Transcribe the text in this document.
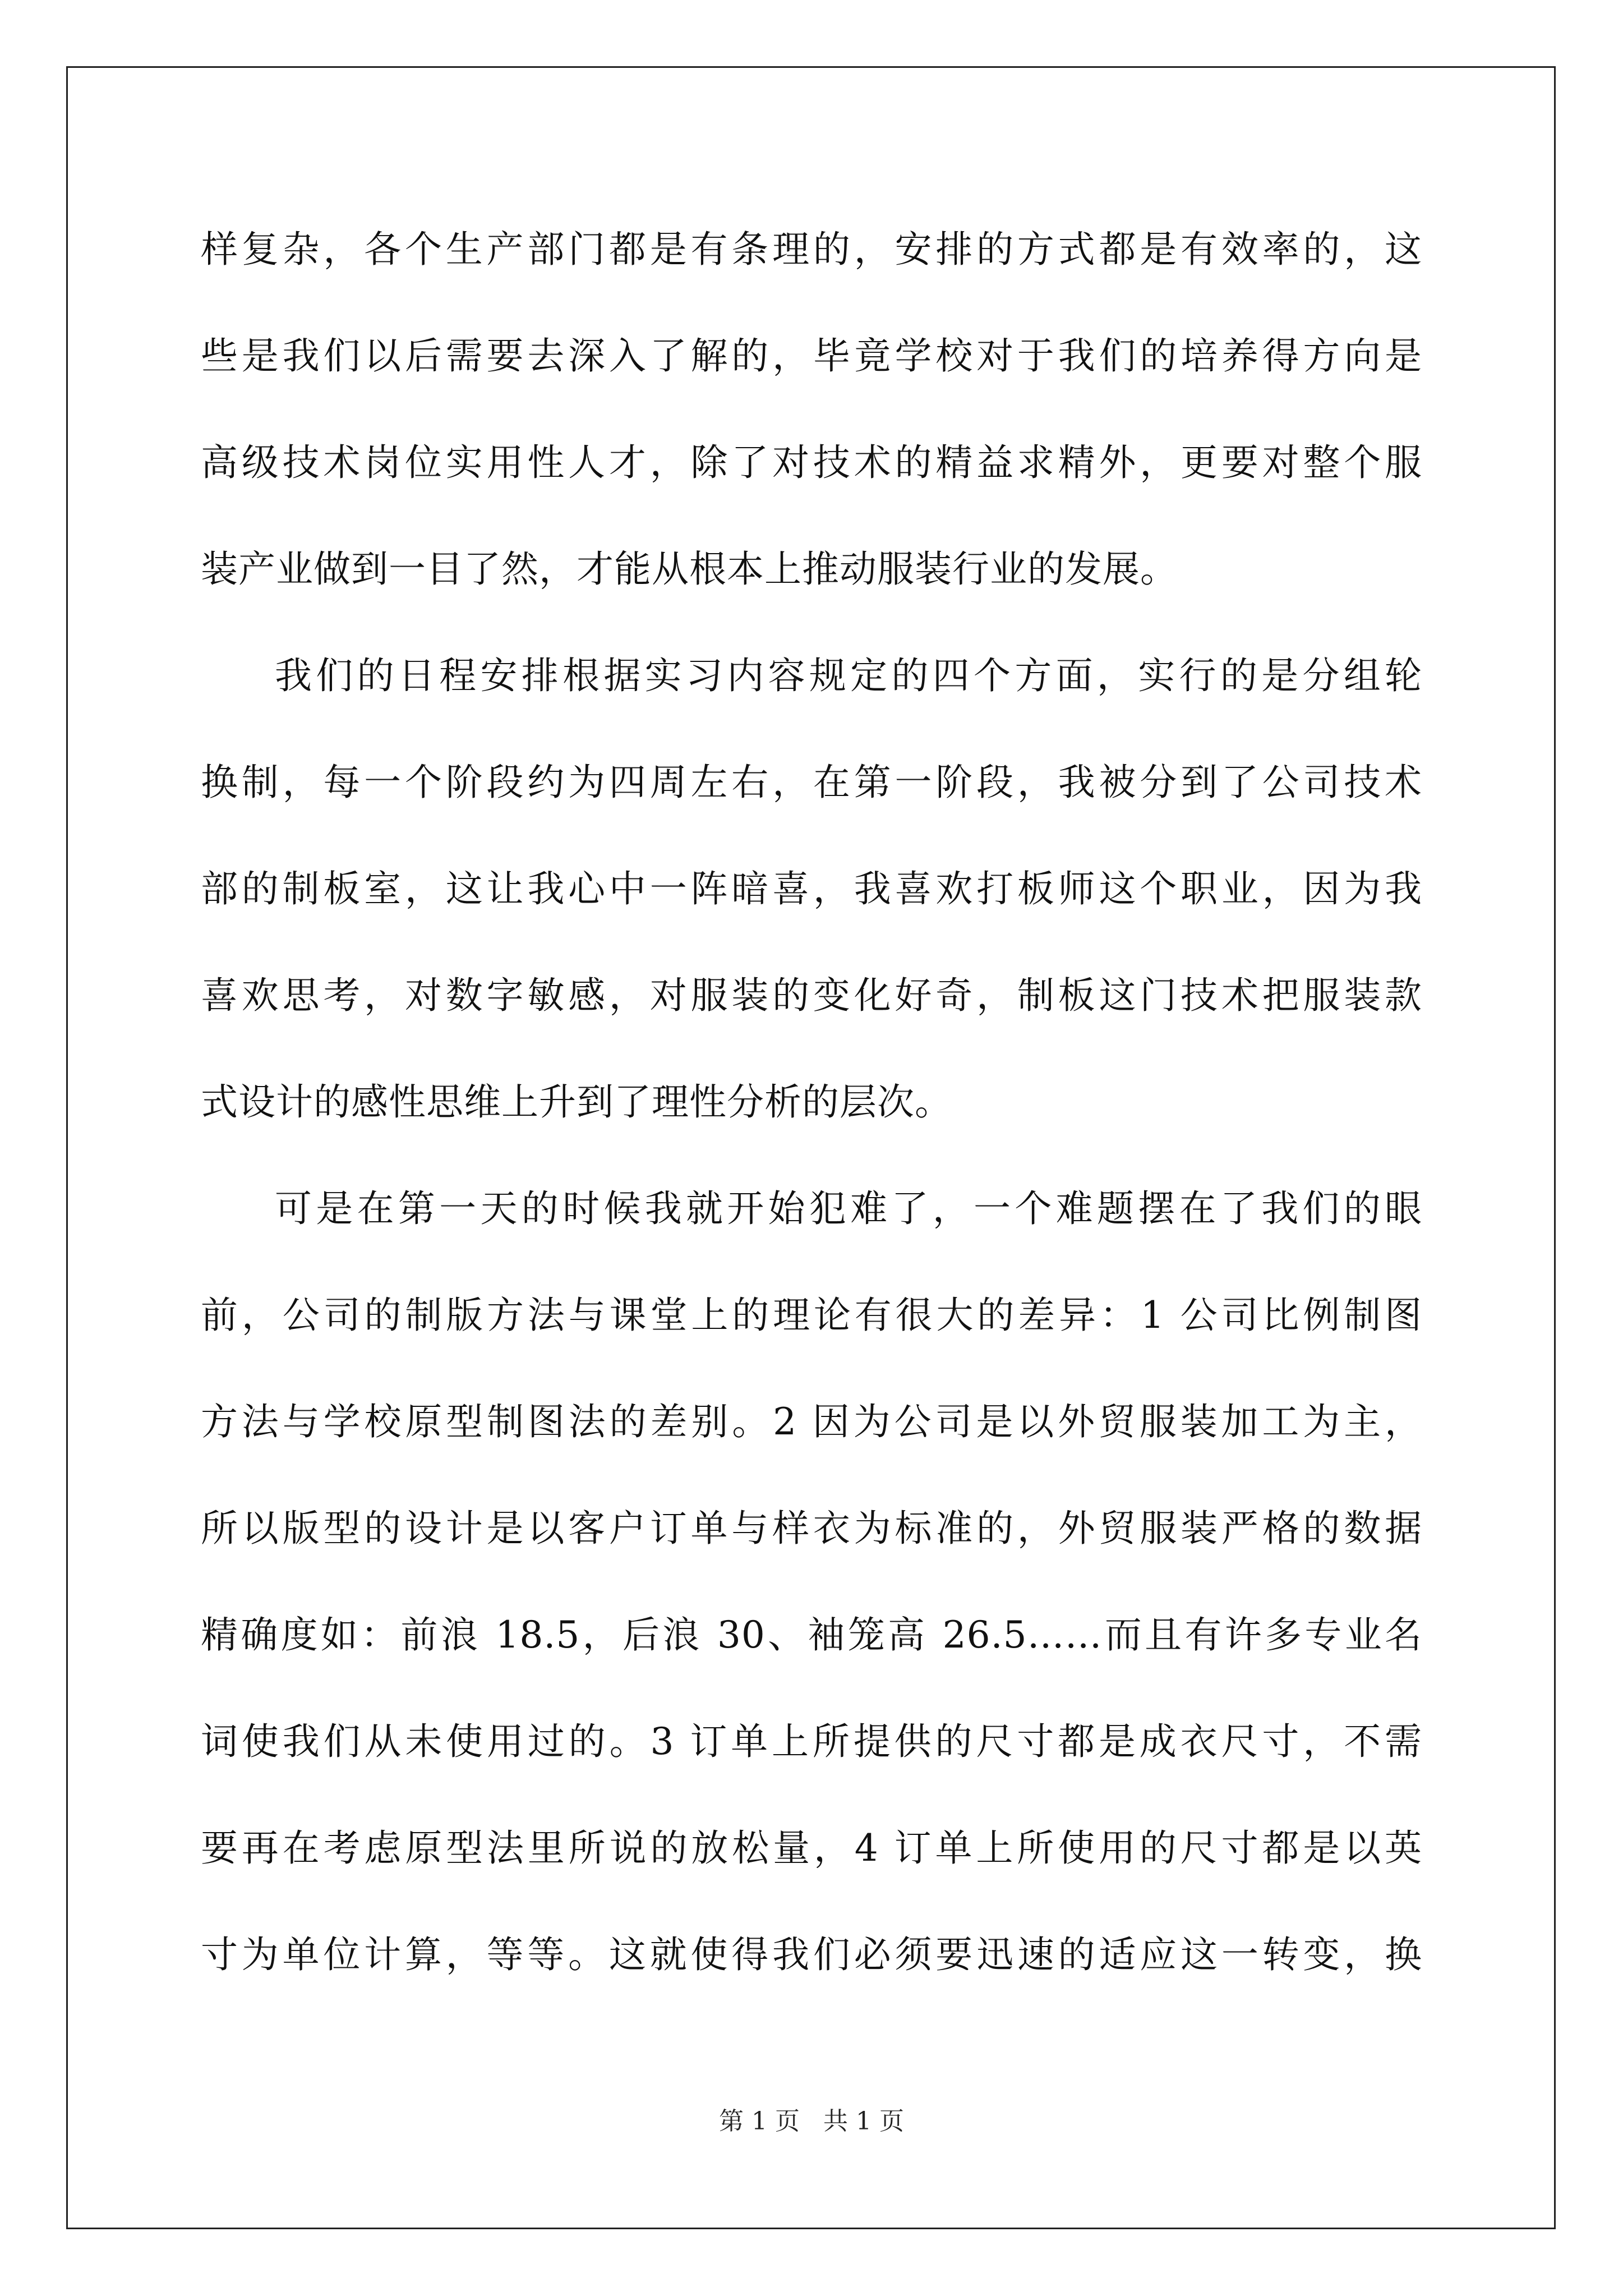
样复杂，各个生产部门都是有条理的，安排的方式都是有效率的，这
些是我们以后需要去深入了解的，毕竟学校对于我们的培养得方向是
高级技术岗位实用性人才，除了对技术的精益求精外，更要对整个服
装产业做到一目了然，才能从根本上推动服装行业的发展。
我们的日程安排根据实习内容规定的四个方面，实行的是分组轮
换制，每一个阶段约为四周左右，在第一阶段，我被分到了公司技术
部的制板室，这让我心中一阵暗喜，我喜欢打板师这个职业，因为我
喜欢思考，对数字敏感，对服装的变化好奇，制板这门技术把服装款
式设计的感性思维上升到了理性分析的层次。
可是在第一天的时候我就开始犯难了，一个难题摆在了我们的眼
前，公司的制版方法与课堂上的理论有很大的差异：1 公司比例制图
方法与学校原型制图法的差别。2 因为公司是以外贸服装加工为主，
所以版型的设计是以客户订单与样衣为标准的，外贸服装严格的数据
精确度如：前浪 18.5，后浪 30、袖笼高 26.5……而且有许多专业名
词使我们从未使用过的。3 订单上所提供的尺寸都是成衣尺寸，不需
要再在考虑原型法里所说的放松量，4 订单上所使用的尺寸都是以英
寸为单位计算，等等。这就使得我们必须要迅速的适应这一转变，换
第 1 页   共 1 页
